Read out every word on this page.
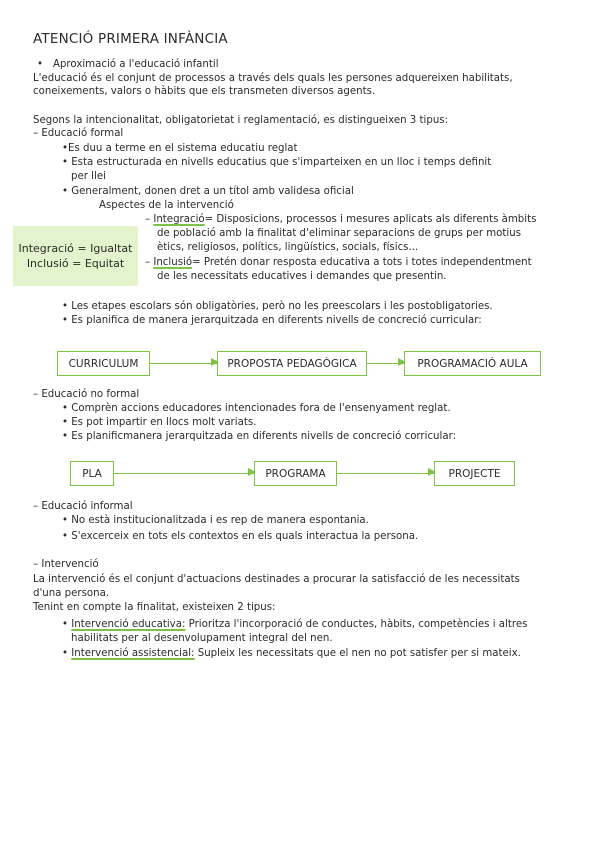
ATENCIÓ PRIMERA INFÀNCIA
• Aproximació a l'educació infantil
L'educació és el conjunt de processos a través dels quals les persones adquereixen habilitats,
coneixements, valors o hàbits que els transmeten diversos agents.
Segons la intencionalitat, obligatorietat i reglamentació, es distingueixen 3 tipus:
– Educació formal
•Es duu a terme en el sistema educatiu reglat
• Esta estructurada en nivells educatius que s'imparteixen en un lloc i temps definit
per llei
• Generalment, donen dret a un títol amb validesa oficial
Aspectes de la intervenció
– Integració= Disposicions, processos i mesures aplicats als diferents àmbits
de població amb la finalitat d'eliminar separacions de grups per motius
ètics, religiosos, polítics, lingüístics, socials, físics...
– Inclusió= Pretén donar resposta educativa a tots i totes independentment
de les necessitats educatives i demandes que presentin.
Integració = Igualtat
Inclusió = Equitat
• Les etapes escolars són obligatòries, però no les preescolars i les postobligatories.
• Es planifica de manera jerarquitzada en diferents nivells de concreció curricular:
CURRICULUM	PROPOSTA PEDAGÒGICA	PROGRAMACIÓ AULA
– Educació no formal
• Comprèn accions educadores intencionades fora de l'ensenyament reglat.
• Es pot impartir en llocs molt variats.
• Es planificmanera jerarquitzada en diferents nivells de concreció corricular:
PLA	PROGRAMA	PROJECTE
– Educació informal
• No està institucionalitzada i es rep de manera espontania.
• S'excerceix en tots els contextos en els quals interactua la persona.
– Intervenció
La intervenció és el conjunt d'actuacions destinades a procurar la satisfacció de les necessitats
d'una persona.
Tenint en compte la finalitat, existeixen 2 tipus:
• Intervenció educativa: Prioritza l'incorporació de conductes, hàbits, competències i altres
habilitats per al desenvolupament integral del nen.
• Intervenció assistencial: Supleix les necessitats que el nen no pot satisfer per si mateix.
